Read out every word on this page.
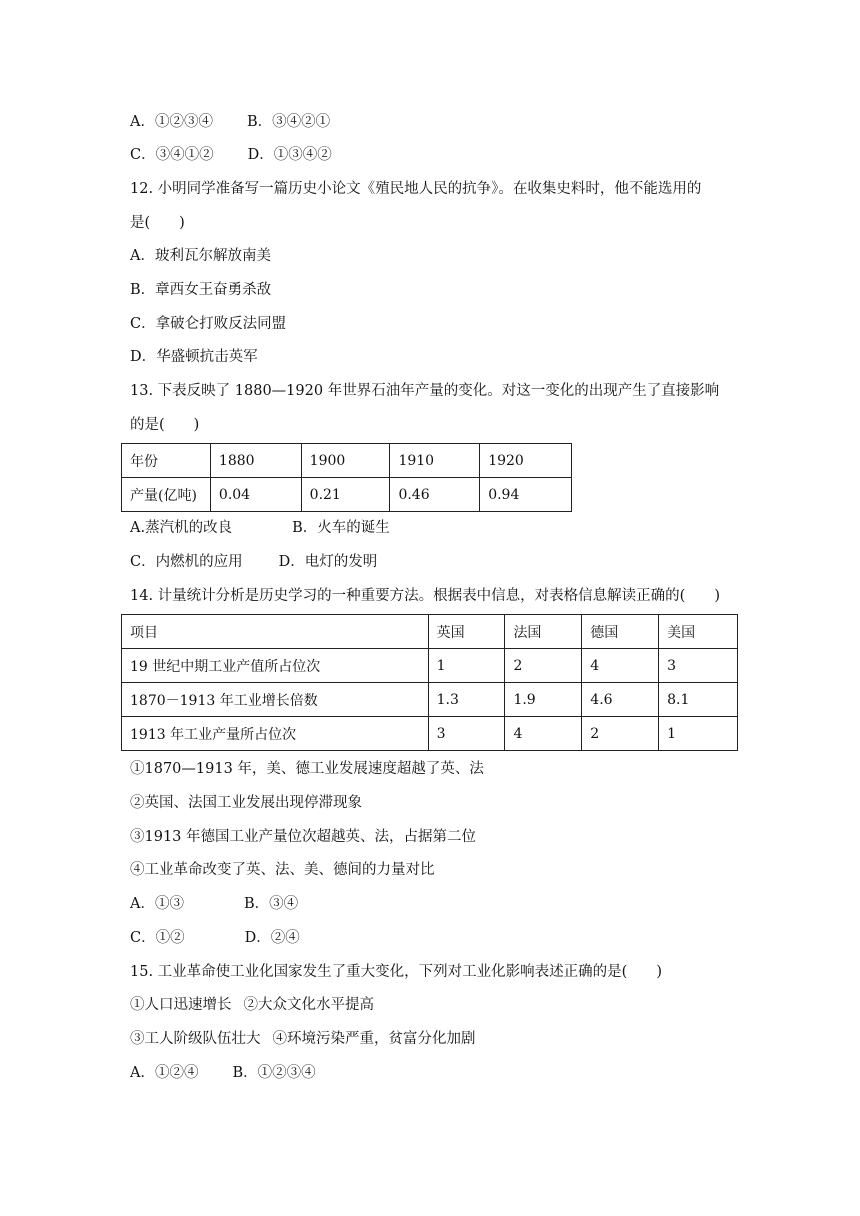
A．①②③④ B．③④②①
C．③④①② D．①③④②
12. 小明同学准备写一篇历史小论文《殖民地人民的抗争》。在收集史料时，他不能选用的
是(　　)
A．玻利瓦尔解放南美
B．章西女王奋勇杀敌
C．拿破仑打败反法同盟
D．华盛顿抗击英军
13. 下表反映了 1880—1920 年世界石油年产量的变化。对这一变化的出现产生了直接影响
的是(　　)
年份	1880	1900	1910	1920
产量(亿吨)	0.04	0.21	0.46	0.94
A.蒸汽机的改良	B．火车的诞生
C．内燃机的应用 D．电灯的发明
14. 计量统计分析是历史学习的一种重要方法。根据表中信息，对表格信息解读正确的(　　)
项目	英国	法国	德国	美国
19 世纪中期工业产值所占位次	1	2	4	3
1870－1913 年工业增长倍数	1.3	1.9	4.6	8.1
1913 年工业产量所占位次	3	4	2	1
①1870—1913 年，美、德工业发展速度超越了英、法
②英国、法国工业发展出现停滞现象
③1913 年德国工业产量位次超越英、法，占据第二位
④工业革命改变了英、法、美、德间的力量对比
A．①③	B．③④
C．①②	D．②④
15. 工业革命使工业化国家发生了重大变化，下列对工业化影响表述正确的是(　　)
①人口迅速增长 ②大众文化水平提高
③工人阶级队伍壮大 ④环境污染严重，贫富分化加剧
A．①②④ B．①②③④
